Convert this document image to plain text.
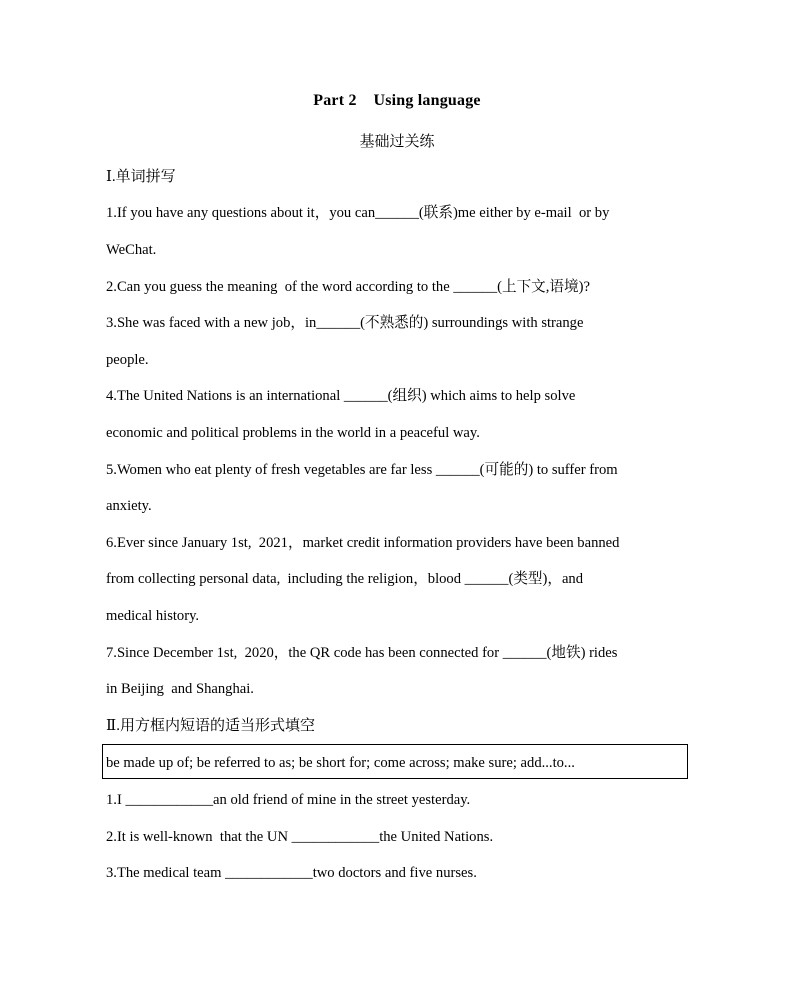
Part 2    Using language
基础过关练
Ⅰ.单词拼写
1.If you have any questions about it，you can______(联系)me either by e-mail  or by
WeChat.
2.Can you guess the meaning  of the word according to the ______(上下文,语境)?
3.She was faced with a new job，in______(不熟悉的) surroundings with strange
people.
4.The United Nations is an international ______(组织) which aims to help solve
economic and political problems in the world in a peaceful way.
5.Women who eat plenty of fresh vegetables are far less ______(可能的) to suffer from
anxiety.
6.Ever since January 1st,  2021，market credit information providers have been banned
from collecting personal data,  including the religion，blood ______(类型)，and
medical history.
7.Since December 1st,  2020，the QR code has been connected for ______(地铁) rides
in Beijing  and Shanghai.
Ⅱ.用方框内短语的适当形式填空
be made up of; be referred to as; be short for; come across; make sure; add...to...
1.I ____________an old friend of mine in the street yesterday.
2.It is well-known  that the UN ____________the United Nations.
3.The medical team ____________two doctors and five nurses.
